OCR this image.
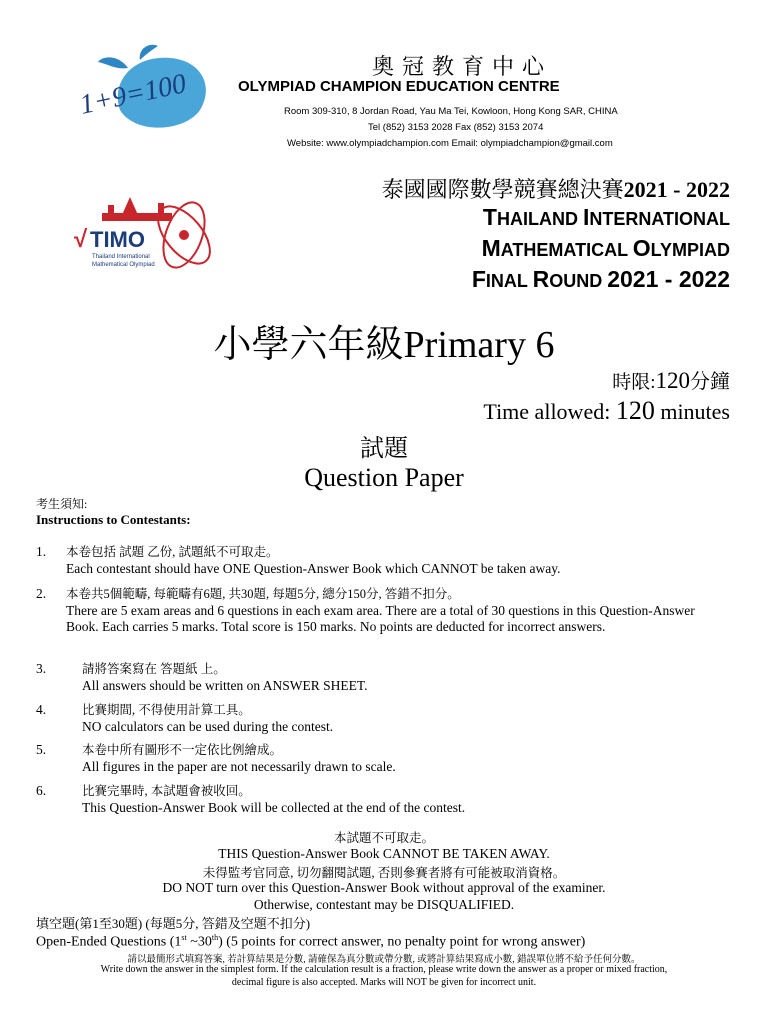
1+9=100
奧冠教育中心
OLYMPIAD CHAMPION EDUCATION CENTRE
Room 309-310, 8 Jordan Road, Yau Ma Tei, Kowloon, Hong Kong SAR, CHINA
Tel (852) 3153 2028 Fax (852) 3153 2074
Website: www.olympiadchampion.com Email: olympiadchampion@gmail.com
√ TIMO
Thailand International
Mathematical Olympiad
泰國國際數學競賽總決賽2021 - 2022
THAILAND INTERNATIONAL
MATHEMATICAL OLYMPIAD
FINAL ROUND 2021 - 2022
小學六年級Primary 6
時限:120分鐘
Time allowed: 120 minutes
試題
Question Paper
考生須知:
Instructions to Contestants:
1. 本卷包括 試題 乙份, 試題紙不可取走。
Each contestant should have ONE Question-Answer Book which CANNOT be taken away.
2. 本卷共5個範疇, 每範疇有6題, 共30題, 每題5分, 總分150分, 答錯不扣分。
There are 5 exam areas and 6 questions in each exam area. There are a total of 30 questions in this Question-Answer Book. Each carries 5 marks. Total score is 150 marks. No points are deducted for incorrect answers.
3.	請將答案寫在 答題紙 上。
All answers should be written on ANSWER SHEET.
4.	比賽期間, 不得使用計算工具。
NO calculators can be used during the contest.
5.	本卷中所有圖形不一定依比例繪成。
All figures in the paper are not necessarily drawn to scale.
6.	比賽完畢時, 本試題會被收回。
This Question-Answer Book will be collected at the end of the contest.
本試題不可取走。
THIS Question-Answer Book CANNOT BE TAKEN AWAY.
未得監考官同意, 切勿翻閱試題, 否則參賽者將有可能被取消資格。
DO NOT turn over this Question-Answer Book without approval of the examiner.
Otherwise, contestant may be DISQUALIFIED.
填空題(第1至30題) (每題5分, 答錯及空題不扣分)
Open-Ended Questions (1st ~30th) (5 points for correct answer, no penalty point for wrong answer)
請以最簡形式填寫答案, 若計算結果是分數, 請確保為真分數或帶分數, 或將計算結果寫成小數, 錯誤單位將不給予任何分數。
Write down the answer in the simplest form. If the calculation result is a fraction, please write down the answer as a proper or mixed fraction,
decimal figure is also accepted. Marks will NOT be given for incorrect unit.
